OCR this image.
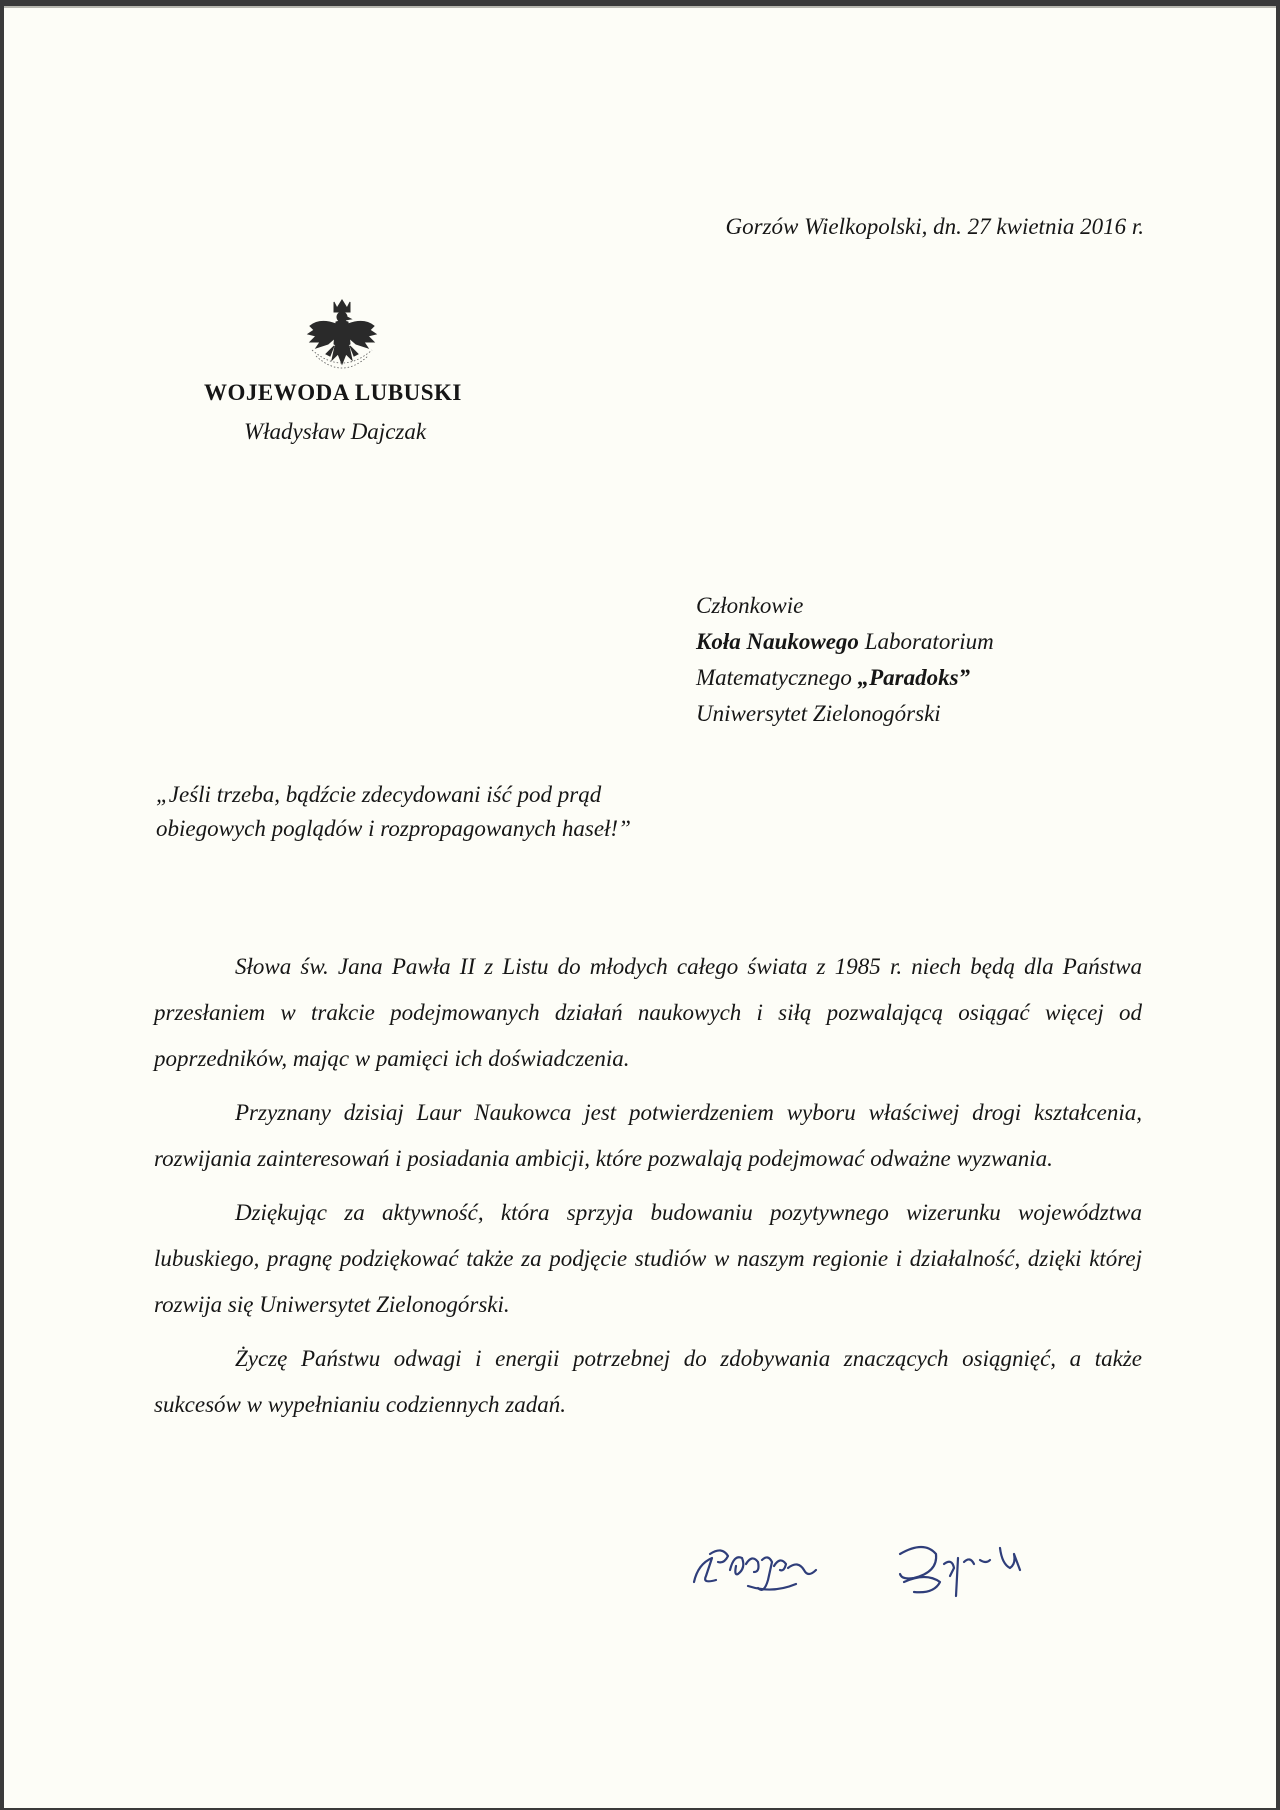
Gorzów Wielkopolski, dn. 27 kwietnia 2016 r.
WOJEWODA LUBUSKI
Władysław Dajczak
Członkowie
Koła Naukowego Laboratorium
Matematycznego „Paradoks”
Uniwersytet Zielonogórski
„Jeśli trzeba, bądźcie zdecydowani iść pod prąd
obiegowych poglądów i rozpropagowanych haseł!”

Słowa św. Jana Pawła II z Listu do młodych całego świata z 1985 r. niech będą dla Państwa przesłaniem w trakcie podejmowanych działań naukowych i siłą pozwalającą osiągać więcej od poprzedników, mając w pamięci ich doświadczenia.

Przyznany dzisiaj Laur Naukowca jest potwierdzeniem wyboru właściwej drogi kształcenia, rozwijania zainteresowań i posiadania ambicji, które pozwalają podejmować odważne wyzwania.

Dziękując za aktywność, która sprzyja budowaniu pozytywnego wizerunku województwa lubuskiego, pragnę podziękować także za podjęcie studiów w naszym regionie i działalność, dzięki której rozwija się Uniwersytet Zielonogórski.

Życzę Państwu odwagi i energii potrzebnej do zdobywania znaczących osiągnięć, a także sukcesów w wypełnianiu codziennych zadań.
